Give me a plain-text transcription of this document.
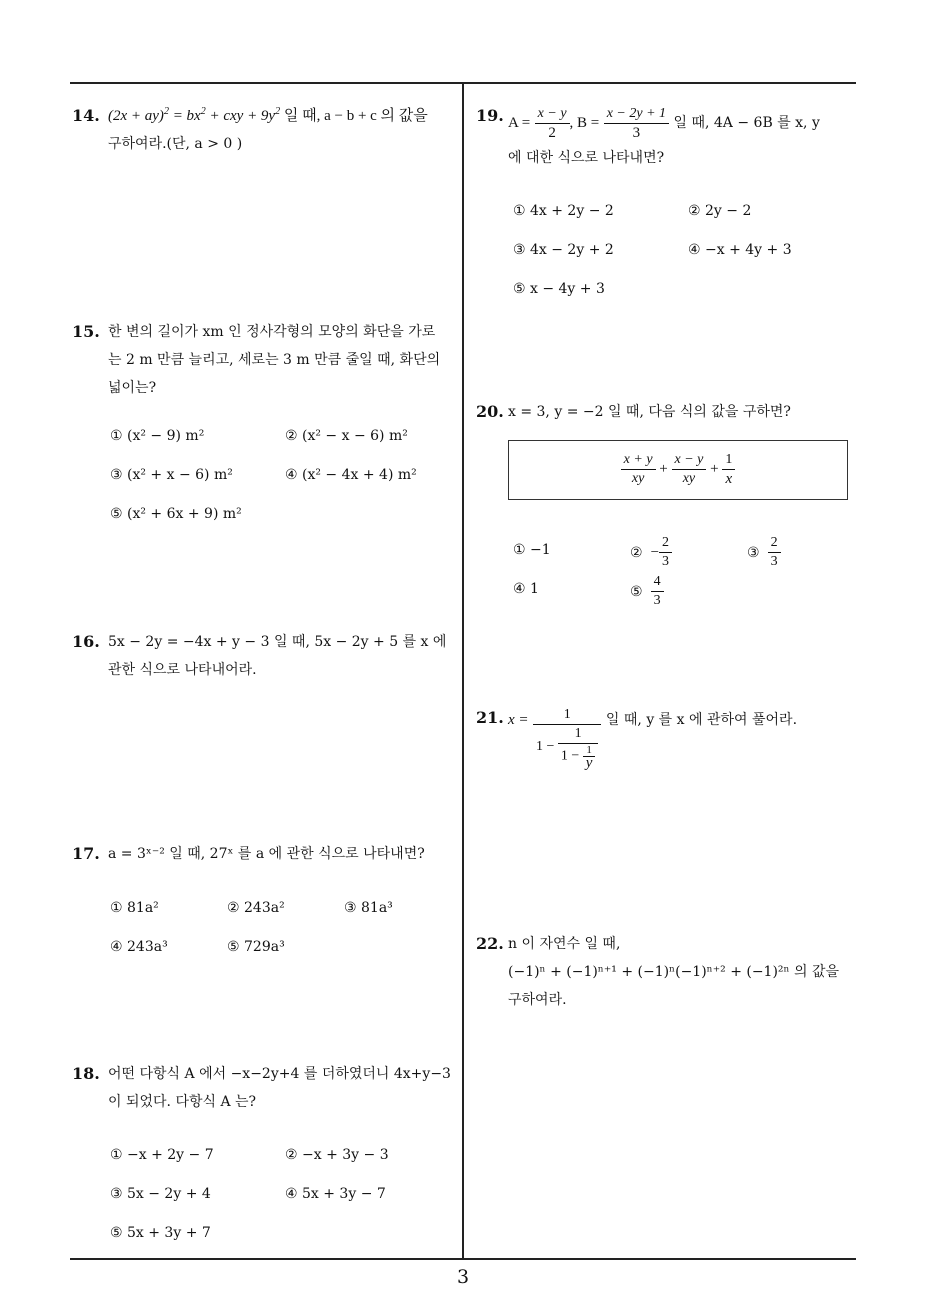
14. $(2x + ay)^2 = bx^2$ + cxy + $9y^2$ 일 때, a − b + c 의 값을
구하여라.(단, a > 0 )
15. 한 변의 길이가 xm 인 정사각형의 모양의 화단을 가로
는 2 m 만큼 늘리고, 세로는 3 m 만큼 줄일 때, 화단의
넓이는?
① (x² − 9) m²	② (x² − x − 6) m²
③ (x² + x − 6) m²	④ (x² − 4x + 4) m²
⑤ (x² + 6x + 9) m²
16. 5x − 2y = −4x + y − 3 일 때, 5x − 2y + 5 를 x 에
관한 식으로 나타내어라.
17. a = 3ˣ⁻² 일 때, 27ˣ 를 a 에 관한 식으로 나타내면?
① 81a²	② 243a²	③ 81a³
④ 243a³	⑤ 729a³
18. 어떤 다항식 A 에서 −x−2y+4 를 더하였더니 4x+y−3
이 되었다. 다항식 A 는?
① −x + 2y − 7	② −x + 3y − 3
③ 5x − 2y + 4	④ 5x + 3y − 7
⑤ 5x + 3y + 7
19. $A = \frac{x - y}{2}$ , $B = \frac{x - 2y + 1}{3}$ 일 때, 4A − 6B 를 x, y
에 대한 식으로 나타내면?
① 4x + 2y − 2	② 2y − 2
③ 4x − 2y + 2	④ −x + 4y + 3
⑤ x − 4y + 3
20. x = 3, y = −2 일 때, 다음 식의 값을 구하면?
$\frac{x + y}{xy} + \frac{x - y}{xy} + \frac{1}{x}$
① −1	② − $\frac{2}{3}$	③ $\frac{2}{3}$
④ 1	⑤ $\frac{4}{3}$
21. $x = \frac{1}{1 - \frac{1}{1 - \frac{1}{y}}}$ 일 때, y 를 x 에 관하여 풀어라.
22. n 이 자연수 일 때,
(−1)ⁿ + (−1)ⁿ⁺¹ + (−1)ⁿ(−1)ⁿ⁺² + (−1)²ⁿ 의 값을
구하여라.
3
